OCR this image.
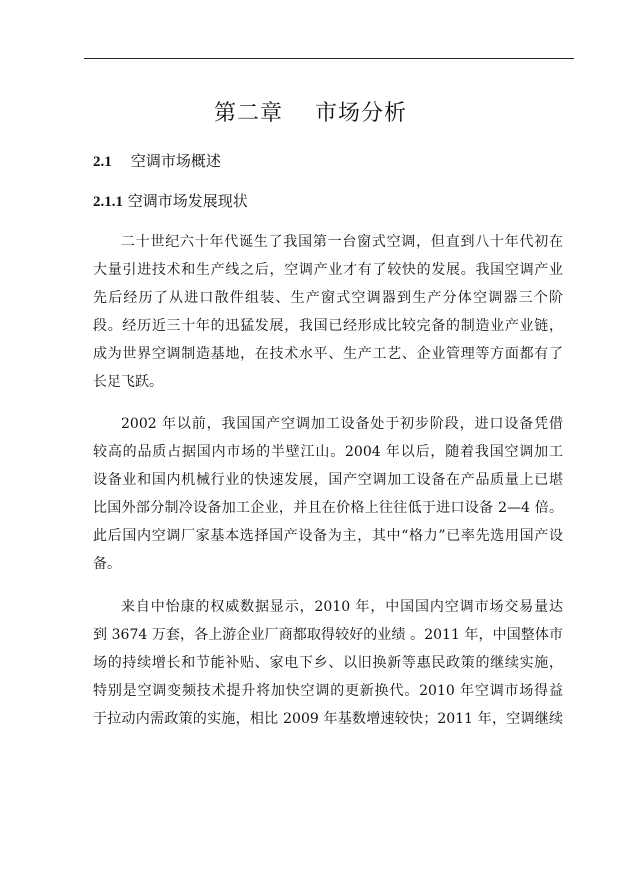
第二章    市场分析
2.1 空调市场概述
2.1.1 空调市场发展现状
二十世纪六十年代诞生了我国第一台窗式空调，但直到八十年代初在
大量引进技术和生产线之后，空调产业才有了较快的发展。我国空调产业
先后经历了从进口散件组装、生产窗式空调器到生产分体空调器三个阶
段。经历近三十年的迅猛发展，我国已经形成比较完备的制造业产业链，
成为世界空调制造基地，在技术水平、生产工艺、企业管理等方面都有了
长足飞跃。
2002 年以前，我国国产空调加工设备处于初步阶段，进口设备凭借
较高的品质占据国内市场的半壁江山。2004 年以后，随着我国空调加工
设备业和国内机械行业的快速发展，国产空调加工设备在产品质量上已堪
比国外部分制冷设备加工企业，并且在价格上往往低于进口设备 2—4 倍。
此后国内空调厂家基本选择国产设备为主，其中“格力”已率先选用国产设
备。
来自中怡康的权威数据显示，2010 年，中国国内空调市场交易量达
到 3674 万套，各上游企业厂商都取得较好的业绩 。2011 年，中国整体市
场的持续增长和节能补贴、家电下乡、以旧换新等惠民政策的继续实施，
特别是空调变频技术提升将加快空调的更新换代。2010 年空调市场得益
于拉动内需政策的实施，相比 2009 年基数增速较快；2011 年，空调继续
